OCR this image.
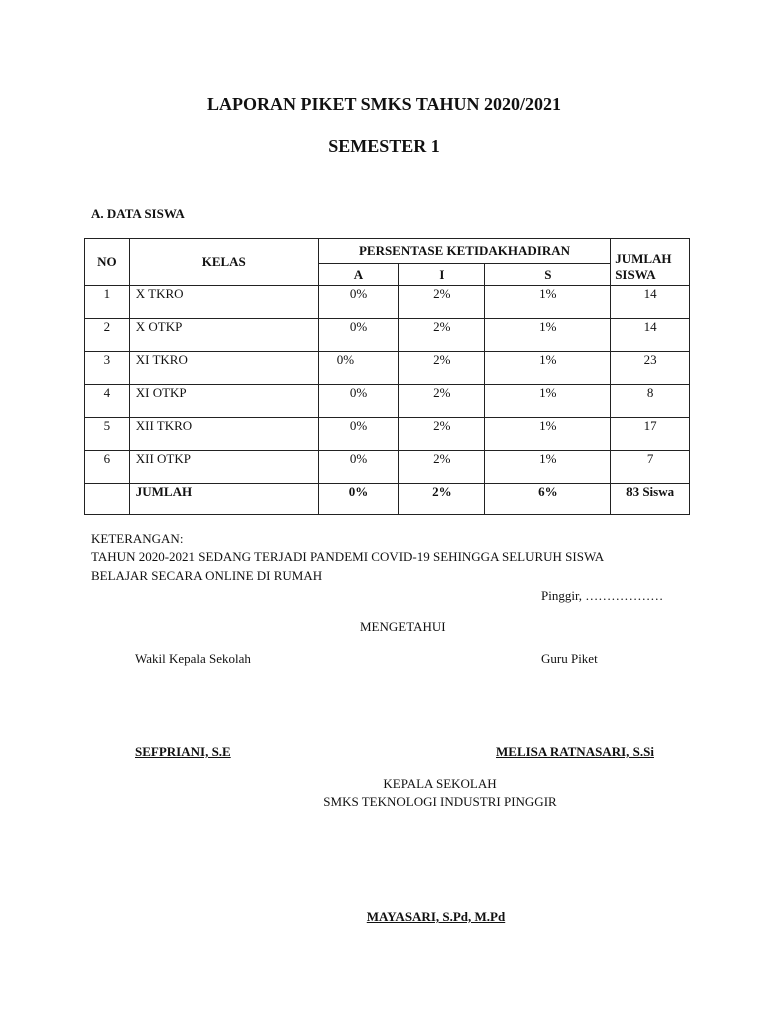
LAPORAN PIKET SMKS TAHUN 2020/2021
SEMESTER 1
A. DATA SISWA
NO	KELAS	PERSENTASE KETIDAKHADIRAN			JUMLAH SISWA
		A	I	S	
1	X TKRO	0%	2%	1%	14
2	X OTKP	0%	2%	1%	14
3	XI TKRO	0%	2%	1%	23
4	XI OTKP	0%	2%	1%	8
5	XII TKRO	0%	2%	1%	17
6	XII OTKP	0%	2%	1%	7
	JUMLAH	0%	2%	6%	83 Siswa
KETERANGAN:
TAHUN 2020-2021 SEDANG TERJADI PANDEMI COVID-19 SEHINGGA SELURUH SISWA
BELAJAR SECARA ONLINE DI RUMAH
Pinggir, ………………
MENGETAHUI
Wakil Kepala Sekolah	Guru Piket
SEFPRIANI, S.E	MELISA RATNASARI, S.Si
KEPALA SEKOLAH
SMKS TEKNOLOGI INDUSTRI PINGGIR
MAYASARI, S.Pd, M.Pd
